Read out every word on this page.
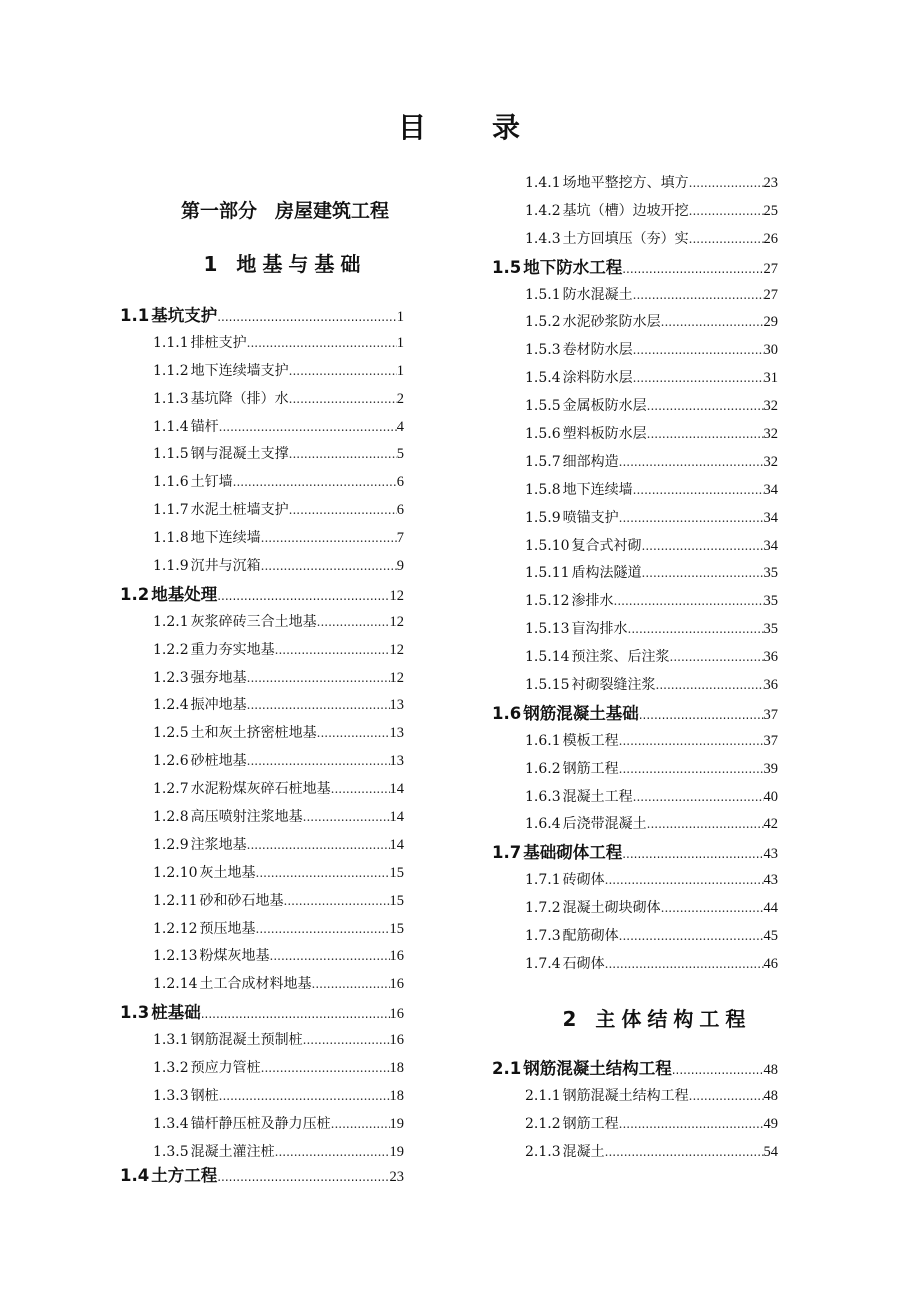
目 录
第一部分 房屋建筑工程
1 地基与基础
2 主体结构工程
1.1 基坑支护 .....	1
1.1.1 排桩支护 .....	1
1.1.2 地下连续墙支护 .....	1
1.1.3 基坑降（排）水 .....	2
1.1.4 锚杆 .....	4
1.1.5 钢与混凝土支撑 .....	5
1.1.6 土钉墙 .....	6
1.1.7 水泥土桩墙支护 .....	6
1.1.8 地下连续墙 .....	7
1.1.9 沉井与沉箱 .....	9
1.2 地基处理 .....	12
1.2.1 灰浆碎砖三合土地基 .....	12
1.2.2 重力夯实地基 .....	12
1.2.3 强夯地基 .....	12
1.2.4 振冲地基 .....	13
1.2.5 土和灰土挤密桩地基 .....	13
1.2.6 砂桩地基 .....	13
1.2.7 水泥粉煤灰碎石桩地基 .....	14
1.2.8 高压喷射注浆地基 .....	14
1.2.9 注浆地基 .....	14
1.2.10 灰土地基 .....	15
1.2.11 砂和砂石地基 .....	15
1.2.12 预压地基 .....	15
1.2.13 粉煤灰地基 .....	16
1.2.14 土工合成材料地基 .....	16
1.3 桩基础 .....	16
1.3.1 钢筋混凝土预制桩 .....	16
1.3.2 预应力管桩 .....	18
1.3.3 钢桩 .....	18
1.3.4 锚杆静压桩及静力压桩 .....	19
1.3.5 混凝土灌注桩 .....	19
1.4 土方工程 .....	23
1.4.1 场地平整挖方、填方 .....	23
1.4.2 基坑（槽）边坡开挖 .....	25
1.4.3 土方回填压（夯）实 .....	26
1.5 地下防水工程 .....	27
1.5.1 防水混凝土 .....	27
1.5.2 水泥砂浆防水层 .....	29
1.5.3 卷材防水层 .....	30
1.5.4 涂料防水层 .....	31
1.5.5 金属板防水层 .....	32
1.5.6 塑料板防水层 .....	32
1.5.7 细部构造 .....	32
1.5.8 地下连续墙 .....	34
1.5.9 喷锚支护 .....	34
1.5.10 复合式衬砌 .....	34
1.5.11 盾构法隧道 .....	35
1.5.12 渗排水 .....	35
1.5.13 盲沟排水 .....	35
1.5.14 预注浆、后注浆 .....	36
1.5.15 衬砌裂缝注浆 .....	36
1.6 钢筋混凝土基础 .....	37
1.6.1 模板工程 .....	37
1.6.2 钢筋工程 .....	39
1.6.3 混凝土工程 .....	40
1.6.4 后浇带混凝土 .....	42
1.7 基础砌体工程 .....	43
1.7.1 砖砌体 .....	43
1.7.2 混凝土砌块砌体 .....	44
1.7.3 配筋砌体 .....	45
1.7.4 石砌体 .....	46
2.1 钢筋混凝土结构工程 .....	48
2.1.1 钢筋混凝土结构工程 .....	48
2.1.2 钢筋工程 .....	49
2.1.3 混凝土 .....	54
